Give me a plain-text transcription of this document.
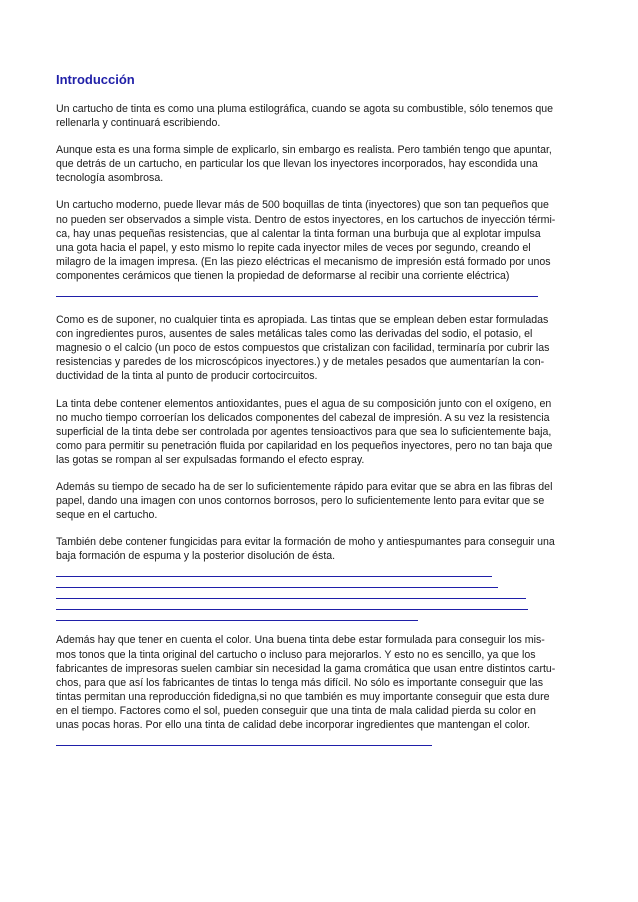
Introducción

Un cartucho de tinta es como una pluma estilográfica, cuando se agota su combustible, sólo tenemos que
rellenarla y continuará escribiendo.

Aunque esta es una forma simple de explicarlo, sin embargo es realista. Pero también tengo que apuntar,
que detrás de un cartucho, en particular los que llevan los inyectores incorporados, hay escondida una
tecnología asombrosa.

Un cartucho moderno, puede llevar más de 500 boquillas de tinta (inyectores) que son tan pequeños que
no pueden ser observados a simple vista. Dentro de estos inyectores, en los cartuchos de inyección térmi-
ca, hay unas pequeñas resistencias, que al calentar la tinta forman una burbuja que al explotar impulsa
una gota hacia el papel, y esto mismo lo repite cada inyector miles de veces por segundo, creando el
milagro de la imagen impresa. (En las piezo eléctricas el mecanismo de impresión está formado por unos
componentes cerámicos que tienen la propiedad de deformarse al recibir una corriente eléctrica)

Como es de suponer, no cualquier tinta es apropiada. Las tintas que se emplean deben estar formuladas
con ingredientes puros, ausentes de sales metálicas tales como las derivadas del sodio, el potasio, el
magnesio o el calcio (un poco de estos compuestos que cristalizan con facilidad, terminaría por cubrir las
resistencias y paredes de los microscópicos inyectores.) y de metales pesados que aumentarían la con-
ductividad de la tinta al punto de producir cortocircuitos.

La tinta debe contener elementos antioxidantes, pues el agua de su composición junto con el oxígeno, en
no mucho tiempo corroerían los delicados componentes del cabezal de impresión. A su vez la resistencia
superficial de la tinta debe ser controlada por agentes tensioactivos para que sea lo suficientemente baja,
como para permitir su penetración fluida por capilaridad en los pequeños inyectores, pero no tan baja que
las gotas se rompan al ser expulsadas formando el efecto espray.

Además su tiempo de secado ha de ser lo suficientemente rápido para evitar que se abra en las fibras del
papel, dando una imagen con unos contornos borrosos, pero lo suficientemente lento para evitar que se
seque en el cartucho.

También debe contener fungicidas para evitar la formación de moho y antiespumantes para conseguir una
baja formación de espuma y la posterior disolución de ésta.

Además hay que tener en cuenta el color. Una buena tinta debe estar formulada para conseguir los mis-
mos tonos que la tinta original del cartucho o incluso para mejorarlos. Y esto no es sencillo, ya que los
fabricantes de impresoras suelen cambiar sin necesidad la gama cromática que usan entre distintos cartu-
chos, para que así los fabricantes de tintas lo tenga más difícil. No sólo es importante conseguir que las
tintas permitan una reproducción fidedigna,si no que también es muy importante conseguir que esta dure
en el tiempo. Factores como el sol, pueden conseguir que una tinta de mala calidad pierda su color en
unas pocas horas. Por ello una tinta de calidad debe incorporar ingredientes que mantengan el color.
